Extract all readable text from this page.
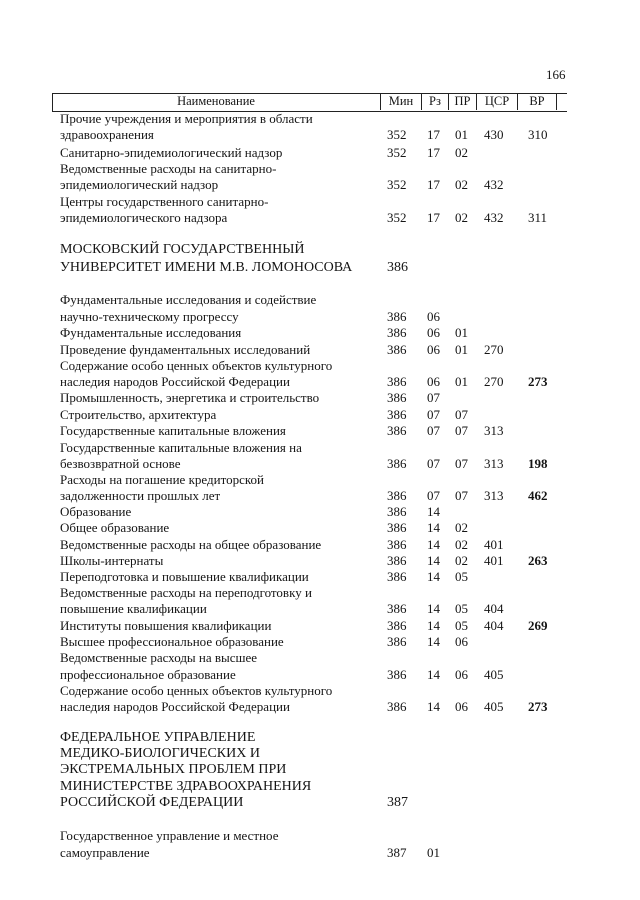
166
Наименование	Мин	Рз	ПР	ЦСР	ВР
Прочие учреждения и мероприятия в области
здравоохранения	352 17 01 430 310
Санитарно-эпидемиологический надзор	352 17 02
Ведомственные расходы на санитарно-
эпидемиологический надзор	352 17 02 432
Центры государственного санитарно-
эпидемиологического надзора	352 17 02 432 311
МОСКОВСКИЙ ГОСУДАРСТВЕННЫЙ
УНИВЕРСИТЕТ ИМЕНИ М.В. ЛОМОНОСОВА 386
Фундаментальные исследования и содействие
научно-техническому прогрессу	386 06
Фундаментальные исследования	386 06 01
Проведение фундаментальных исследований	386 06 01 270
Содержание особо ценных объектов культурного
наследия народов Российской Федерации	386 06 01 270 273
Промышленность, энергетика и строительство	386 07
Строительство, архитектура	386 07 07
Государственные капитальные вложения	386 07 07 313
Государственные капитальные вложения на
безвозвратной основе	386 07 07 313 198
Расходы на погашение кредиторской
задолженности прошлых лет	386 07 07 313 462
Образование	386 14
Общее образование	386 14 02
Ведомственные расходы на общее образование	386 14 02 401
Школы-интернаты	386 14 02 401 263
Переподготовка и повышение квалификации	386 14 05
Ведомственные расходы на переподготовку и
повышение квалификации	386 14 05 404
Институты повышения квалификации	386 14 05 404 269
Высшее профессиональное образование	386 14 06
Ведомственные расходы на высшее
профессиональное образование	386 14 06 405
Содержание особо ценных объектов культурного
наследия народов Российской Федерации	386 14 06 405 273
ФЕДЕРАЛЬНОЕ УПРАВЛЕНИЕ
МЕДИКО-БИОЛОГИЧЕСКИХ И
ЭКСТРЕМАЛЬНЫХ ПРОБЛЕМ ПРИ
МИНИСТЕРСТВЕ ЗДРАВООХРАНЕНИЯ
РОССИЙСКОЙ ФЕДЕРАЦИИ	387
Государственное управление и местное
самоуправление	387 01
